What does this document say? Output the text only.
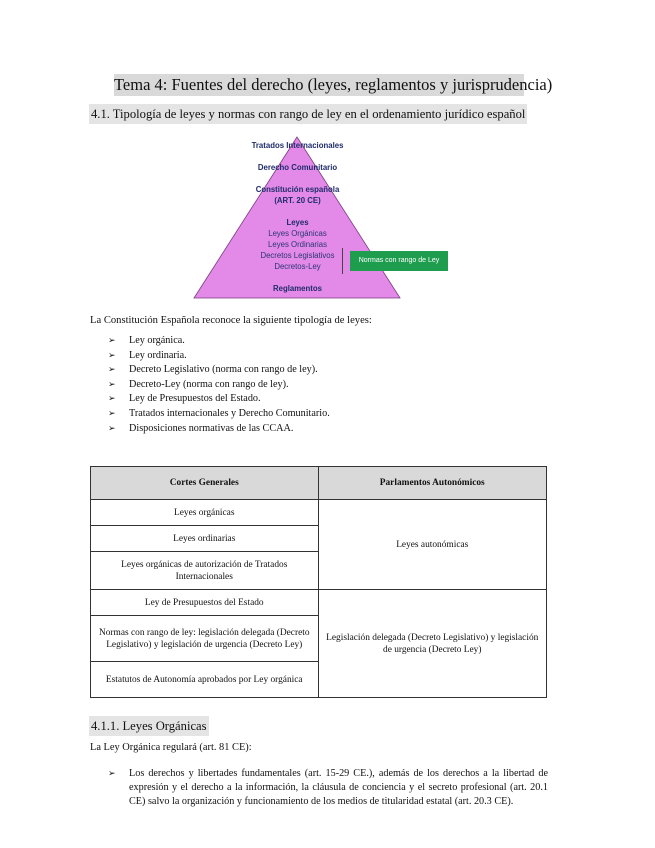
Tema 4: Fuentes del derecho (leyes, reglamentos y jurisprudencia)
4.1. Tipología de leyes y normas con rango de ley en el ordenamiento jurídico español
Tratados Internacionales
Derecho Comunitario
Constitución española
(ART. 20 CE)
Leyes
Leyes Orgánicas
Leyes Ordinarias
Decretos Legislativos
Decretos-Ley
Reglamentos
Normas con rango de Ley
La Constitución Española reconoce la siguiente tipología de leyes:
➢ Ley orgánica.
➢ Ley ordinaria.
➢ Decreto Legislativo (norma con rango de ley).
➢ Decreto-Ley (norma con rango de ley).
➢ Ley de Presupuestos del Estado.
➢ Tratados internacionales y Derecho Comunitario.
➢ Disposiciones normativas de las CCAA.
Cortes Generales	Parlamentos Autonómicos
Leyes orgánicas	Leyes autonómicas
Leyes ordinarias	
Leyes orgánicas de autorización de Tratados Internacionales	
Ley de Presupuestos del Estado	Legislación delegada (Decreto Legislativo) y legislación de urgencia (Decreto Ley)
Normas con rango de ley: legislación delegada (Decreto Legislativo) y legislación de urgencia (Decreto Ley)	
Estatutos de Autonomía aprobados por Ley orgánica	
4.1.1. Leyes Orgánicas
La Ley Orgánica regulará (art. 81 CE):
➢	Los derechos y libertades fundamentales (art. 15-29 CE.), además de los derechos a la libertad de expresión y el derecho a la información, la cláusula de conciencia y el secreto profesional (art. 20.1 CE) salvo la organización y funcionamiento de los medios de titularidad estatal (art. 20.3 CE).
